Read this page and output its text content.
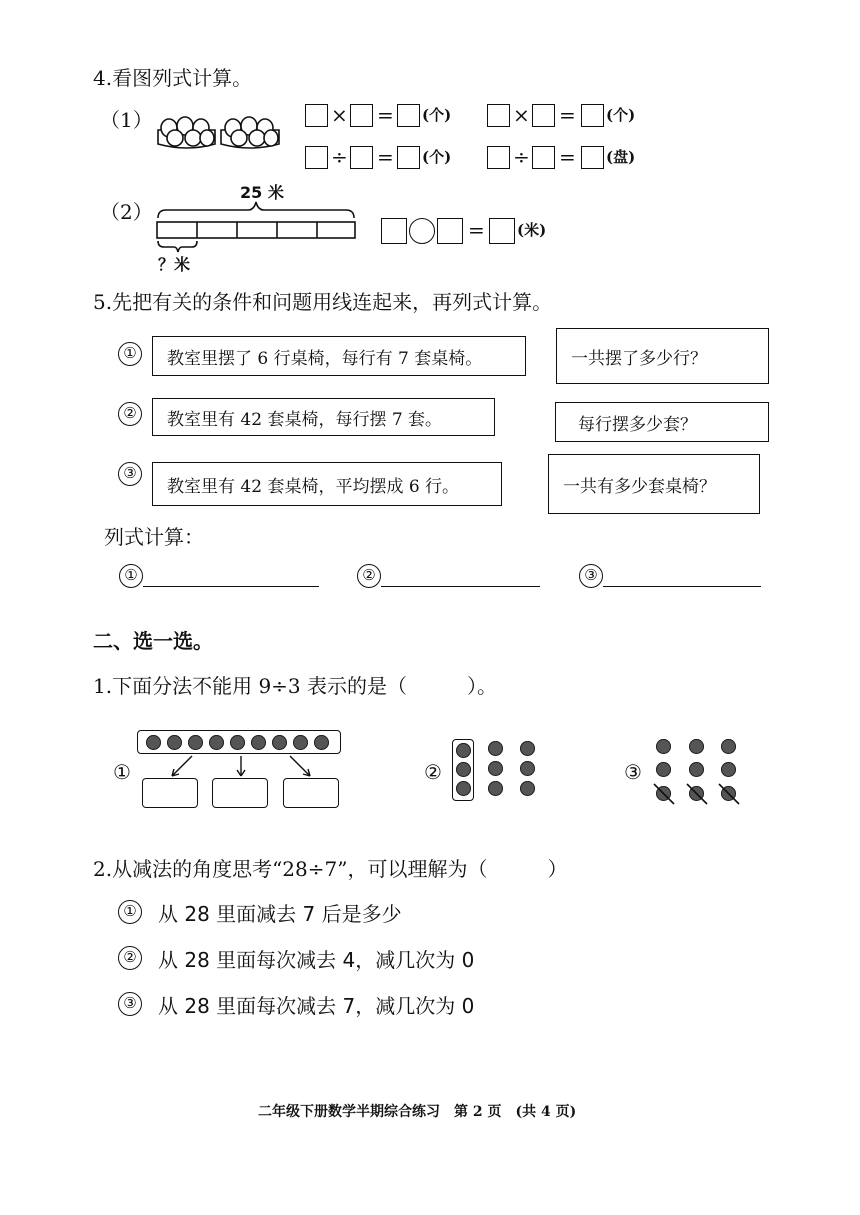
4.看图列式计算。
（1）	× = (个)	× = (个)
÷ = (个)	÷ = (盘)
（2）
25 米
？米
= (米)
5.先把有关的条件和问题用线连起来，再列式计算。
①	教室里摆了 6 行桌椅，每行有 7 套桌椅。
②	教室里有 42 套桌椅，每行摆 7 套。
③
教室里有 42 套桌椅，平均摆成 6 行。
一共摆了多少行？
每行摆多少套？
一共有多少套桌椅？
列式计算：
①	②	③
二、选一选。
1.下面分法不能用 9÷3 表示的是（　　　）。
①	②	③
2.从减法的角度思考“28÷7”，可以理解为（　　　）
① 从 28 里面减去 7 后是多少
② 从 28 里面每次减去 4，减几次为 0
③ 从 28 里面每次减去 7，减几次为 0
二年级下册数学半期综合练习　第 2 页　(共 4 页)
